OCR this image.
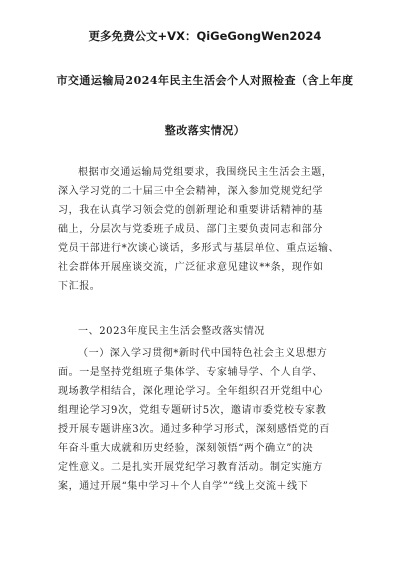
更多免费公文+VX：QiGeGongWen2024
市交通运输局2024年民主生活会个人对照检查（含上年度
整改落实情况）
根据市交通运输局党组要求，我围绕民主生活会主题，
深入学习党的二十届三中全会精神，深入参加党规党纪学
习，我在认真学习领会党的创新理论和重要讲话精神的基
础上，分层次与党委班子成员、部门主要负责同志和部分
党员干部进行*次谈心谈话，多形式与基层单位、重点运输、
社会群体开展座谈交流，广泛征求意见建议**条，现作如
下汇报。
一、2023年度民主生活会整改落实情况
（一）深入学习贯彻*新时代中国特色社会主义思想方
面。一是坚持党组班子集体学、专家辅导学、个人自学、
现场教学相结合，深化理论学习。全年组织召开党组中心
组理论学习9次，党组专题研讨5次，邀请市委党校专家教
授开展专题讲座3次。通过多种学习形式，深刻感悟党的百
年奋斗重大成就和历史经验，深刻领悟“两个确立”的决
定性意义。二是扎实开展党纪学习教育活动。制定实施方
案，通过开展“集中学习＋个人自学”“线上交流＋线下
